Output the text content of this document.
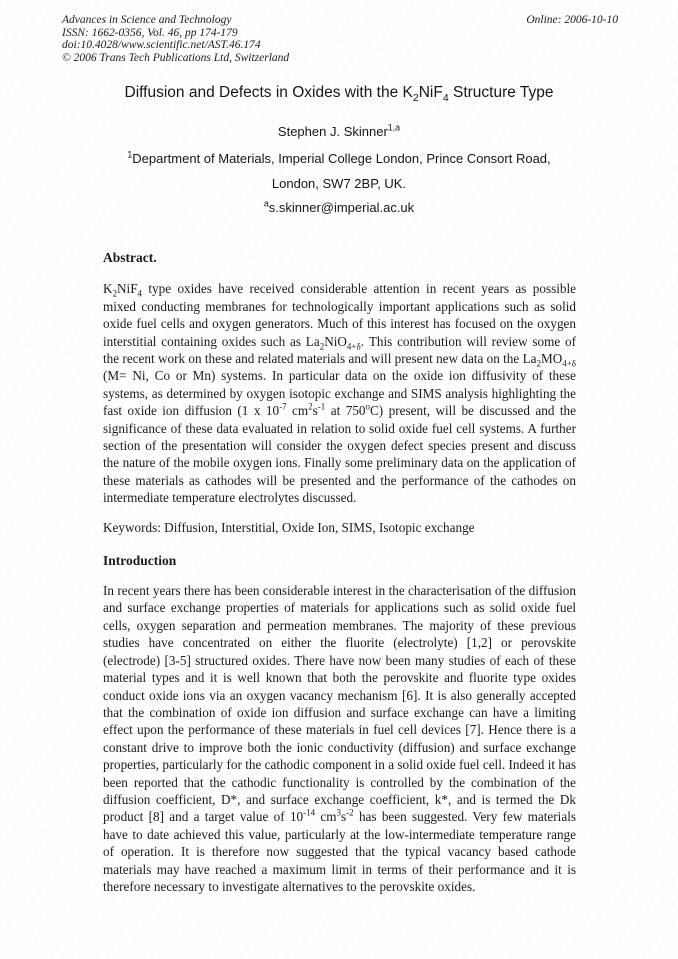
Advances in Science and Technology
ISSN: 1662-0356, Vol. 46, pp 174-179
doi:10.4028/www.scientific.net/AST.46.174
© 2006 Trans Tech Publications Ltd, Switzerland
Online: 2006-10-10
Diffusion and Defects in Oxides with the $K_2NiF_4$ Structure Type
Stephen J. Skinner$^{1,a}$
$^1$Department of Materials, Imperial College London, Prince Consort Road,
London, SW7 2BP, UK.
$^a$s.skinner@imperial.ac.uk
Abstract.

$K_2NiF_4$ type oxides have received considerable attention in recent years as possible mixed conducting membranes for technologically important applications such as solid oxide fuel cells and oxygen generators. Much of this interest has focused on the oxygen interstitial containing oxides such as $La_2NiO_{4+\delta}$. This contribution will review some of the recent work on these and related materials and will present new data on the $La_2MO_{4+\delta}$ (M= Ni, Co or Mn) systems. In particular data on the oxide ion diffusivity of these systems, as determined by oxygen isotopic exchange and SIMS analysis highlighting the fast oxide ion diffusion (1 x $10^{-7}$ $cm^2s^{-1}$ at 750$^o$C) present, will be discussed and the significance of these data evaluated in relation to solid oxide fuel cell systems. A further section of the presentation will consider the oxygen defect species present and discuss the nature of the mobile oxygen ions. Finally some preliminary data on the application of these materials as cathodes will be presented and the performance of the cathodes on intermediate temperature electrolytes discussed.

Keywords: Diffusion, Interstitial, Oxide Ion, SIMS, Isotopic exchange
Introduction

In recent years there has been considerable interest in the characterisation of the diffusion and surface exchange properties of materials for applications such as solid oxide fuel cells, oxygen separation and permeation membranes. The majority of these previous studies have concentrated on either the fluorite (electrolyte) [1,2] or perovskite (electrode) [3-5] structured oxides. There have now been many studies of each of these material types and it is well known that both the perovskite and fluorite type oxides conduct oxide ions via an oxygen vacancy mechanism [6]. It is also generally accepted that the combination of oxide ion diffusion and surface exchange can have a limiting effect upon the performance of these materials in fuel cell devices [7]. Hence there is a constant drive to improve both the ionic conductivity (diffusion) and surface exchange properties, particularly for the cathodic component in a solid oxide fuel cell. Indeed it has been reported that the cathodic functionality is controlled by the combination of the diffusion coefficient, D*, and surface exchange coefficient, k*, and is termed the Dk product [8] and a target value of $10^{-14}$ $cm^3s^{-2}$ has been suggested. Very few materials have to date achieved this value, particularly at the low-intermediate temperature range of operation. It is therefore now suggested that the typical vacancy based cathode materials may have reached a maximum limit in terms of their performance and it is therefore necessary to investigate alternatives to the perovskite oxides.
